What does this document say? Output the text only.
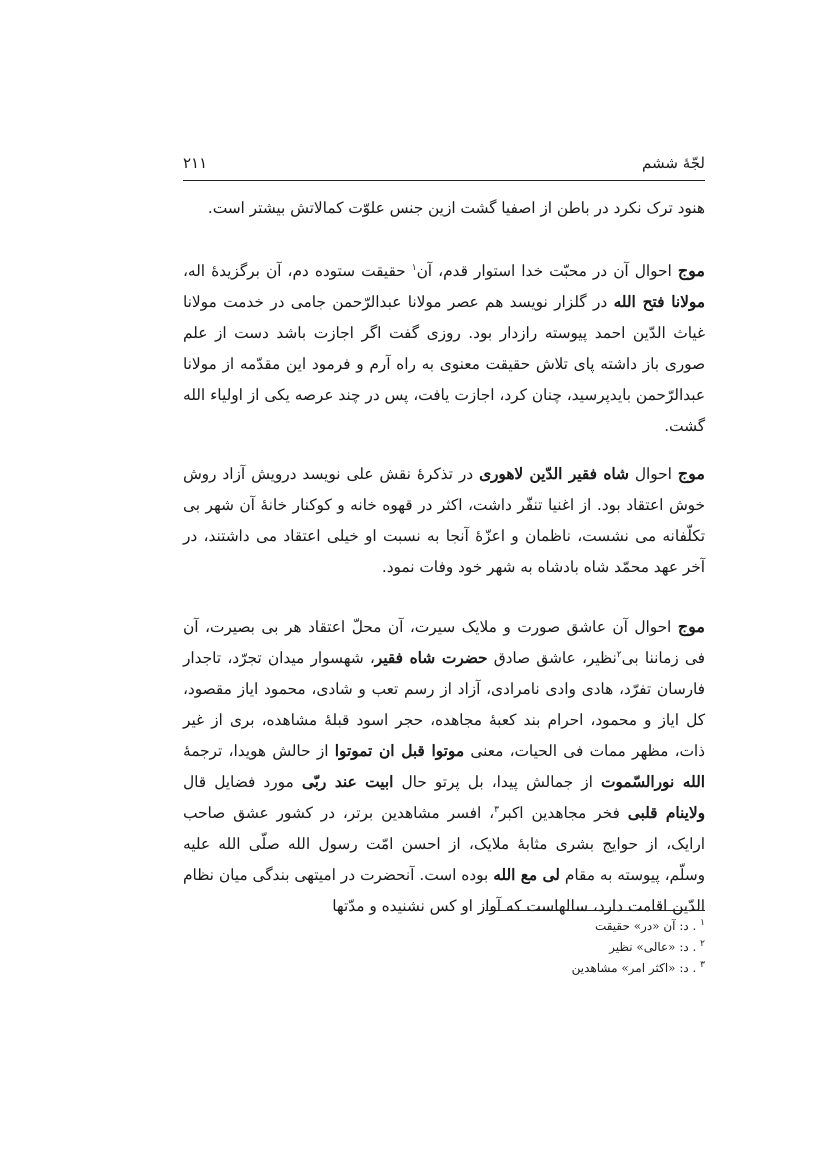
لجّهٔ ششم
۲۱۱

هنود ترک نکرد در باطن از اصفیا گشت ازین جنس علوّت کمالاتش بیشتر است.

موج احوال آن در محبّت خدا استوار قدم، آن$^۱$ حقیقت ستوده دم، آن برگزیدهٔ اله، مولانا فتح الله در گلزار نویسد هم عصر مولانا عبدالرّحمن جامی در خدمت مولانا غیاث الدّین احمد پیوسته رازدار بود. روزی گفت اگر اجازت باشد دست از علم صوری باز داشته پای تلاش حقیقت معنوی به راه آرم و فرمود این مقدّمه از مولانا عبدالرّحمن بایدپرسید، چنان کرد، اجازت یافت، پس در چند عرصه یکی از اولیاء الله گشت.

موج احوال شاه فقیر الدّین لاهوری در تذکرهٔ نقش علی نویسد درویش آزاد روش خوش اعتقاد بود. از اغنیا تنفّر داشت، اکثر در قهوه خانه و کوکنار خانهٔ آن شهر بی تکلّفانه می نشست، ناظمان و اعزّهٔ آنجا به نسبت او خیلی اعتقاد می داشتند، در آخر عهد محمّد شاه بادشاه به شهر خود وفات نمود.

موج احوال آن عاشق صورت و ملایک سیرت، آن محلّ اعتقاد هر بی بصیرت، آن فی زماننا بی$^۲$نظیر، عاشق صادق حضرت شاه فقیر، شهسوار میدان تجرّد، تاجدار فارسان تفرّد، هادی وادی نامرادی، آزاد از رسم تعب و شادی، محمود ایاز مقصود، کل ایاز و محمود، احرام بند کعبهٔ مجاهده، حجر اسود قبلهٔ مشاهده، بری از غیر ذات، مظهر ممات فی الحیات، معنی موتوا قبل ان تموتوا از حالش هویدا، ترجمهٔ الله نورالسّموت از جمالش پیدا، بل پرتو حال ابیت عند ربّی مورد فضایل قال ولاینام قلبی فخر مجاهدین اکبر$^۳$، افسر مشاهدین برتر، در کشور عشق صاحب ارایک، از حوایج بشری مثابهٔ ملایک، از احسن امّت رسول الله صلّی الله علیه وسلّم، پیوسته به مقام لی مع الله بوده است. آنحضرت در امیتهی بندگی میان نظام الدّین اقامت دارد، سالهاست که آواز او کس نشنیده و مدّتها

$^۱$ . د: آن «در» حقیقت
$^۲$ . د: «عالی» نظیر
$^۳$ . د: «اکثر امر» مشاهدین
